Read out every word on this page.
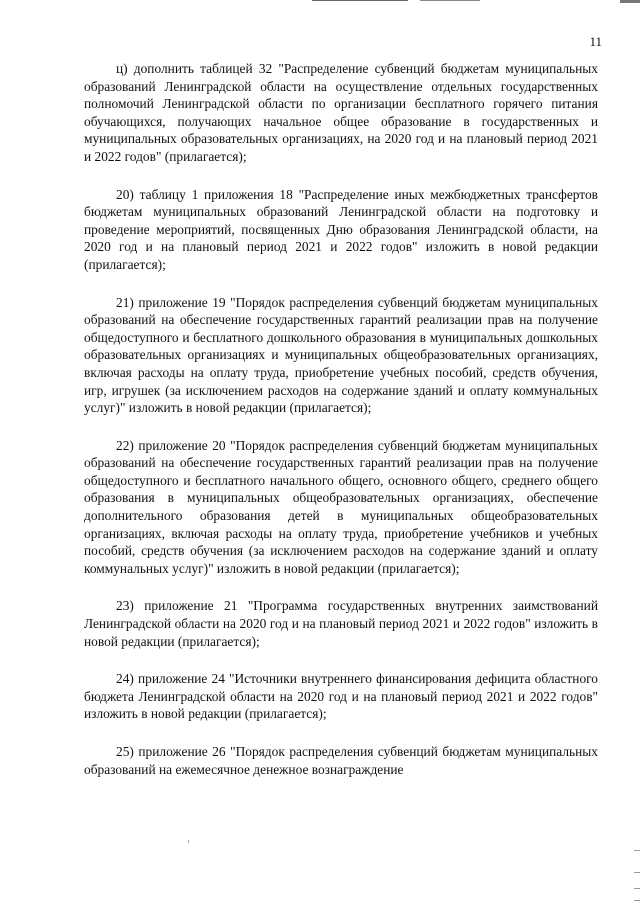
11

ц) дополнить таблицей 32 "Распределение субвенций бюджетам муниципальных образований Ленинградской области на осуществление отдельных государственных полномочий Ленинградской области по организации бесплатного горячего питания обучающихся, получающих начальное общее образование в государственных и муниципальных образовательных организациях, на 2020 год и на плановый период 2021 и 2022 годов" (прилагается);

20) таблицу 1 приложения 18 "Распределение иных межбюджетных трансфертов бюджетам муниципальных образований Ленинградской области на подготовку и проведение мероприятий, посвященных Дню образования Ленинградской области, на 2020 год и на плановый период 2021 и 2022 годов" изложить в новой редакции (прилагается);

21) приложение 19 "Порядок распределения субвенций бюджетам муниципальных образований на обеспечение государственных гарантий реализации прав на получение общедоступного и бесплатного дошкольного образования в муниципальных дошкольных образовательных организациях и муниципальных общеобразовательных организациях, включая расходы на оплату труда, приобретение учебных пособий, средств обучения, игр, игрушек (за исключением расходов на содержание зданий и оплату коммунальных услуг)" изложить в новой редакции (прилагается);

22) приложение 20 "Порядок распределения субвенций бюджетам муниципальных образований на обеспечение государственных гарантий реализации прав на получение общедоступного и бесплатного начального общего, основного общего, среднего общего образования в муниципальных общеобразовательных организациях, обеспечение дополнительного образования детей в муниципальных общеобразовательных организациях, включая расходы на оплату труда, приобретение учебников и учебных пособий, средств обучения (за исключением расходов на содержание зданий и оплату коммунальных услуг)" изложить в новой редакции (прилагается);

23) приложение 21 "Программа государственных внутренних заимствований Ленинградской области на 2020 год и на плановый период 2021 и 2022 годов" изложить в новой редакции (прилагается);

24) приложение 24 "Источники внутреннего финансирования дефицита областного бюджета Ленинградской области на 2020 год и на плановый период 2021 и 2022 годов" изложить в новой редакции (прилагается);

25) приложение 26 "Порядок распределения субвенций бюджетам муниципальных образований на ежемесячное денежное вознаграждение
